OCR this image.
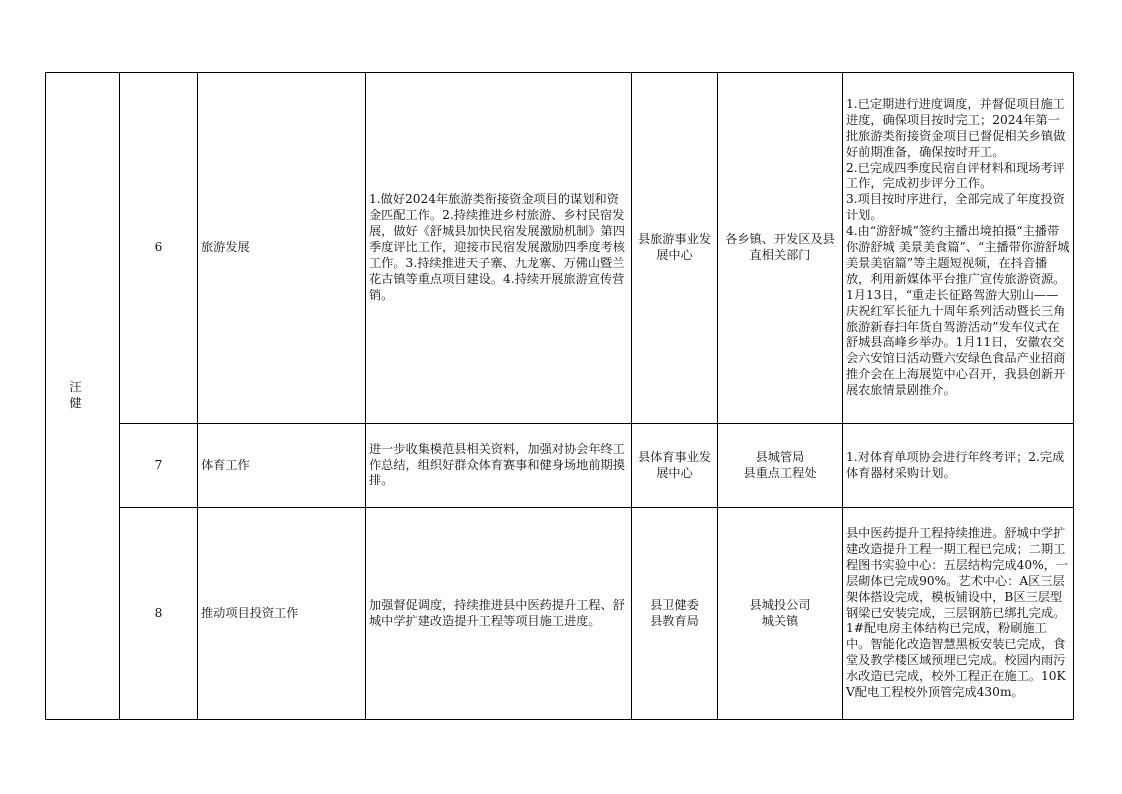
汪 健	6	旅游发展	1.做好2024年旅游类衔接资金项目的谋划和资金匹配工作。2.持续推进乡村旅游、乡村民宿发展，做好《舒城县加快民宿发展激励机制》第四季度评比工作，迎接市民宿发展激励四季度考核工作。3.持续推进天子寨、九龙寨、万佛山暨兰花古镇等重点项目建设。4.持续开展旅游宣传营销。	县旅游事业发展中心	各乡镇、开发区及县直相关部门	1.已定期进行进度调度，并督促项目施工进度，确保项目按时完工；2024年第一批旅游类衔接资金项目已督促相关乡镇做好前期准备，确保按时开工。
2.已完成四季度民宿自评材料和现场考评工作，完成初步评分工作。
3.项目按时序进行，全部完成了年度投资计划。
4.由“游舒城”签约主播出境拍摄“主播带你游舒城 美景美食篇”、“主播带你游舒城 美景美宿篇”等主题短视频，在抖音播放，利用新媒体平台推广宣传旅游资源。1月13日，“重走长征路驾游大别山——庆祝红军长征九十周年系列活动暨长三角旅游新春扫年货自驾游活动”发车仪式在舒城县高峰乡举办。1月11日，安徽农交会六安馆日活动暨六安绿色食品产业招商推介会在上海展览中心召开，我县创新开展农旅情景剧推介。

	7	体育工作	进一步收集模范县相关资料，加强对协会年终工作总结，组织好群众体育赛事和健身场地前期摸排。	县体育事业发展中心	县城管局
县重点工程处	1.对体育单项协会进行年终考评；2.完成体育器材采购计划。
	8	推动项目投资工作	加强督促调度，持续推进县中医药提升工程、舒城中学扩建改造提升工程等项目施工进度。	县卫健委
县教育局	县城投公司
城关镇	县中医药提升工程持续推进。舒城中学扩建改造提升工程一期工程已完成；二期工程图书实验中心：五层结构完成40%，一层砌体已完成90%。艺术中心：A区三层架体搭设完成，模板铺设中，B区三层型钢梁已安装完成，三层钢筋已绑扎完成。1#配电房主体结构已完成，粉刷施工中。智能化改造智慧黑板安装已完成，食堂及教学楼区域预埋已完成。校园内雨污水改造已完成，校外工程正在施工。10KV配电工程校外顶管完成430m。
